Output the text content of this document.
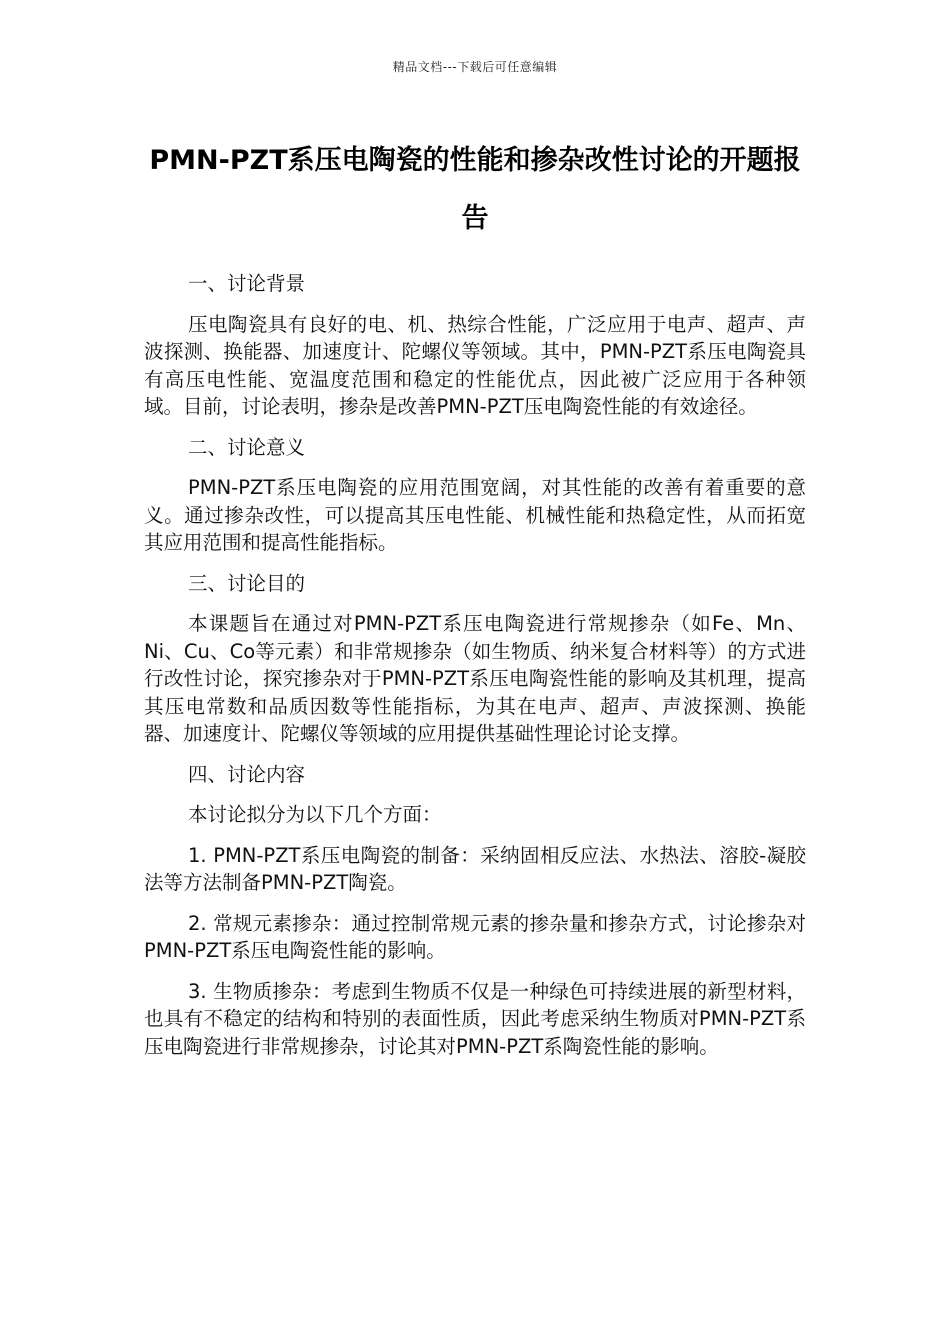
精品文档---下载后可任意编辑
PMN-PZT系压电陶瓷的性能和掺杂改性讨论的开题报告

一、讨论背景

压电陶瓷具有良好的电、机、热综合性能，广泛应用于电声、超声、声波探测、换能器、加速度计、陀螺仪等领域。其中，PMN-PZT系压电陶瓷具有高压电性能、宽温度范围和稳定的性能优点，因此被广泛应用于各种领域。目前，讨论表明，掺杂是改善PMN-PZT压电陶瓷性能的有效途径。

二、讨论意义

PMN-PZT系压电陶瓷的应用范围宽阔，对其性能的改善有着重要的意义。通过掺杂改性，可以提高其压电性能、机械性能和热稳定性，从而拓宽其应用范围和提高性能指标。

三、讨论目的

本课题旨在通过对PMN-PZT系压电陶瓷进行常规掺杂（如Fe、Mn、Ni、Cu、Co等元素）和非常规掺杂（如生物质、纳米复合材料等）的方式进行改性讨论，探究掺杂对于PMN-PZT系压电陶瓷性能的影响及其机理，提高其压电常数和品质因数等性能指标，为其在电声、超声、声波探测、换能器、加速度计、陀螺仪等领域的应用提供基础性理论讨论支撑。

四、讨论内容

本讨论拟分为以下几个方面：

1. PMN-PZT系压电陶瓷的制备：采纳固相反应法、水热法、溶胶-凝胶法等方法制备PMN-PZT陶瓷。

2. 常规元素掺杂：通过控制常规元素的掺杂量和掺杂方式，讨论掺杂对PMN-PZT系压电陶瓷性能的影响。

3. 生物质掺杂：考虑到生物质不仅是一种绿色可持续进展的新型材料，也具有不稳定的结构和特别的表面性质，因此考虑采纳生物质对PMN-PZT系压电陶瓷进行非常规掺杂，讨论其对PMN-PZT系陶瓷性能的影响。
